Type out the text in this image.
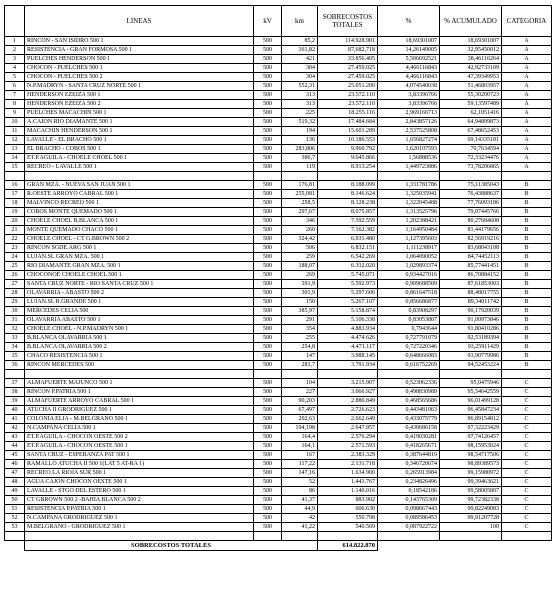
	LINEAS	kV	km	SOBRECOSTOS TOTALES	%	% ACUMULADO	CATEGORIA
1	RINCON - SAN ISIDRO 500 1	500	85,2	114.928.901	18,69301007	18,69301007	A
2	RESISTENCIA - GRAN FORMOSA 500 1	500	161,82	87,682,718	14,26149005	32,95450012	A
3	PUELCHES HENDERSON 500 1	500	421	33.856.405	5,506692521	38,46116264	A
4	CHOCON - PUELCHES 500 1	500	304	27.459.025	4,466116843	42,92733109	A
5	CHOCON - PUELCHES 500 2	500	304	27.459.025	4,466116843	47,39349953	A
6	N.P.MADRYN - SANTA CRUZ NORTE 500 1	500	552,31	25.051.200	4,074540038	51,46803957	A
7	HENDERSON EZEIZA 500 1	500	313	23.572.110	3,83396766	55,30200723	A
8	HENDERSON EZEIZA 500 2	500	313	23.572.110	3,83396766	59,13597489	A
9	PUELCHES MACACHIN 500 1	500	225	18.255.116	2,969166713	62,1051416	A
10	A.CAJON RIO DIAMANTE 500 1	500	519,32	17.484.684	2,843857126	64,94899873	A
11	MACACHIN HENDERSON 500 1	500	194	15.601.289	2,537525808	67,48652453	A
12	LAVALLE - EL BRACHO 500 1	500	136	10.186.553	1,656827274	69,14335181	A
13	EL BRACHO - COBOS 500 1	500	283,806	9.960.792	1,620107593	70,7634594	A
14	ET.P.AGUILA - CHOELE CHOEL 500 1	500	386,7	9.645.866	1,56888536	72,33234476	A
15	RECREO - LAVALLE 500 1	500	119	8.913.254	1,449723886	73,78206865	A

16	GRAN MZA. - NUEVA SAN JUAN 500 1	500	176,81	8.188.099	1,331781786	75,11385043	B
17	R.OESTE ARROYO CABRAL 500 1	500	255,081	8.146.624	1,325035941	76,43888637	B
18	MALVINCO RECREO 500 1	500	258,5	8.128.238	1,322045488	77,76093186	B
19	COBOS MONTE QUEMADO 500 1	500	297,67	8.075.857	1,313525796	79,07445766	B
20	CHOELE CHOEL B.BLANCA 500 1	500	346	7.392.559	1,202388421	80,27684608	B
21	MONTE QUEMADO CHACO 500 1	500	260	7.162.382	1,164950484	81,44179656	B
22	CHOELE CHOEL - CT G.BROWN 500 2	500	324,42	6.931.480	1,127395603	82,56919216	B
23	RINCON SGDE.ARG 500 1	500	506	6.832.151	1,111238917	83,68043108	B
24	LUJAN.SL GRAN MZA. 500 1	500	259	6.542.269	1,064090052	84,74452113	B
25	RIO DIAMANTE GRAN MZA. 500 1	500	188,07	6.332.020	1,029893374	85,77441451	B
26	CHOCONOE CHOELE CHOEL 500 1	500	269	5.745.071	0,934427016	86,70884152	B
27	SANTA CRUZ NORTE - RIO SANTA CRUZ 500 1	500	391,9	5.592.973	0,909688509	87,61853003	B
28	OLAVARRIA - ABASTO 500 2	500	301,9	5.297.606	0,861647518	88,48017755	B
29	LUJAN.SL R.GRANDE 500 1	500	150	5.267.107	0,856686877	89,34011742	B
30	MERCEDES CELIA 500	500	385,97	5.158.874	0,83908297	90,17920039	B
31	OLAVARRIA ABASTO 500 1	500	291	5.106.338	0,83053807	91,00973846	B
32	CHOELE CHOEL - N.P.MADRYN 500 1	500	354	4.883.934	0,7943644	91,80410286	B
33	B.BLANCA OLAVARRIA 500 1	500	255	4.474.626	0,727791079	92,53189394	B
34	B.BLANCA OLAVARRIA 500 2	500	254,8	4.471.117	0,727220346	93,25911429	B
35	CHACO RESISTENCIA 500 1	500	147	3.988.145	0,648666083	93,90779986	B
36	RINCON MERCEDES 500	500	283,7	3.791.934	0,616752269	94,52453224	B

37	ALMAFUERTE MAJUNCO 500 1	500	104	3.215.907	0,523062336	95,0475946	C
38	RINCON P.PATRIA 500 1	500	227	3.066.927	0,498830989	95,54642559	C
39	ALMAFUERTE ARROYO CABRAL 500 1	500	90,203	2.880.849	0,468565686	96,01499128	C
40	ATUCHA II GRODRIGUEZ 500 1	500	67,497	2.726.623	0,443481063	96,45847234	C
41	COLONIA ELIA - M.BELGRANO 500 1	500	202,63	2.662.649	0,433075779	96,89154812	C
42	N.CAMPANA CELIA 500 1	500	194,198	2.647.957	0,430686158	97,32223429	C
43	ET.P.AGUILA - CHOCON OESTE 500 2	500	164,4	2.576.294	0,419030281	97,74126457	C
44	ET.P.AGUILA - CHOCON OESTE 500 1	500	164,1	2.571.593	0,418265671	98,15953024	C
45	SANTA CRUZ - ESPERANZA PAT 500 1	500	167	2.383.329	0,387644819	98,54717506	C
46	RAMALLO ATUCHA II 500 1(LAT 5 AT-RA 1)	500	117,22	2.131.718	0,346720674	98,89389573	C
47	RECREO LA RIOJA SUR 500 1	500	147,16	1.634.900	0,265913984	99,15980972	C
48	AGUA CAJON CHOCON OESTE 500 1	500	52	1.443.767	0,234826496	99,39463621	C
49	LAVALLE - STGO DEL ESTERO 500 1	500	86	1.140.016	0,18542186	99,58005807	C
50	CT GBROWN 500 2 -BAHIA BLANCA 500 2	500	41,37	883.902	0,143765309	99,72382338	C
51	RESISTENCIA P.PATRIA 500 1	500	44,9	606.630	0,098667443	99,82249083	C
52	N.CAMPANA GRODRIGUEZ 500 1	500	42	550.798	0,089586453	99,91207728	C
53	M.BELGRANO - GRODRIGUEZ 500 1	500	41,22	540.569	0,087922722	100	C

	SOBRECOSTOS TOTALES			614.822.870			
